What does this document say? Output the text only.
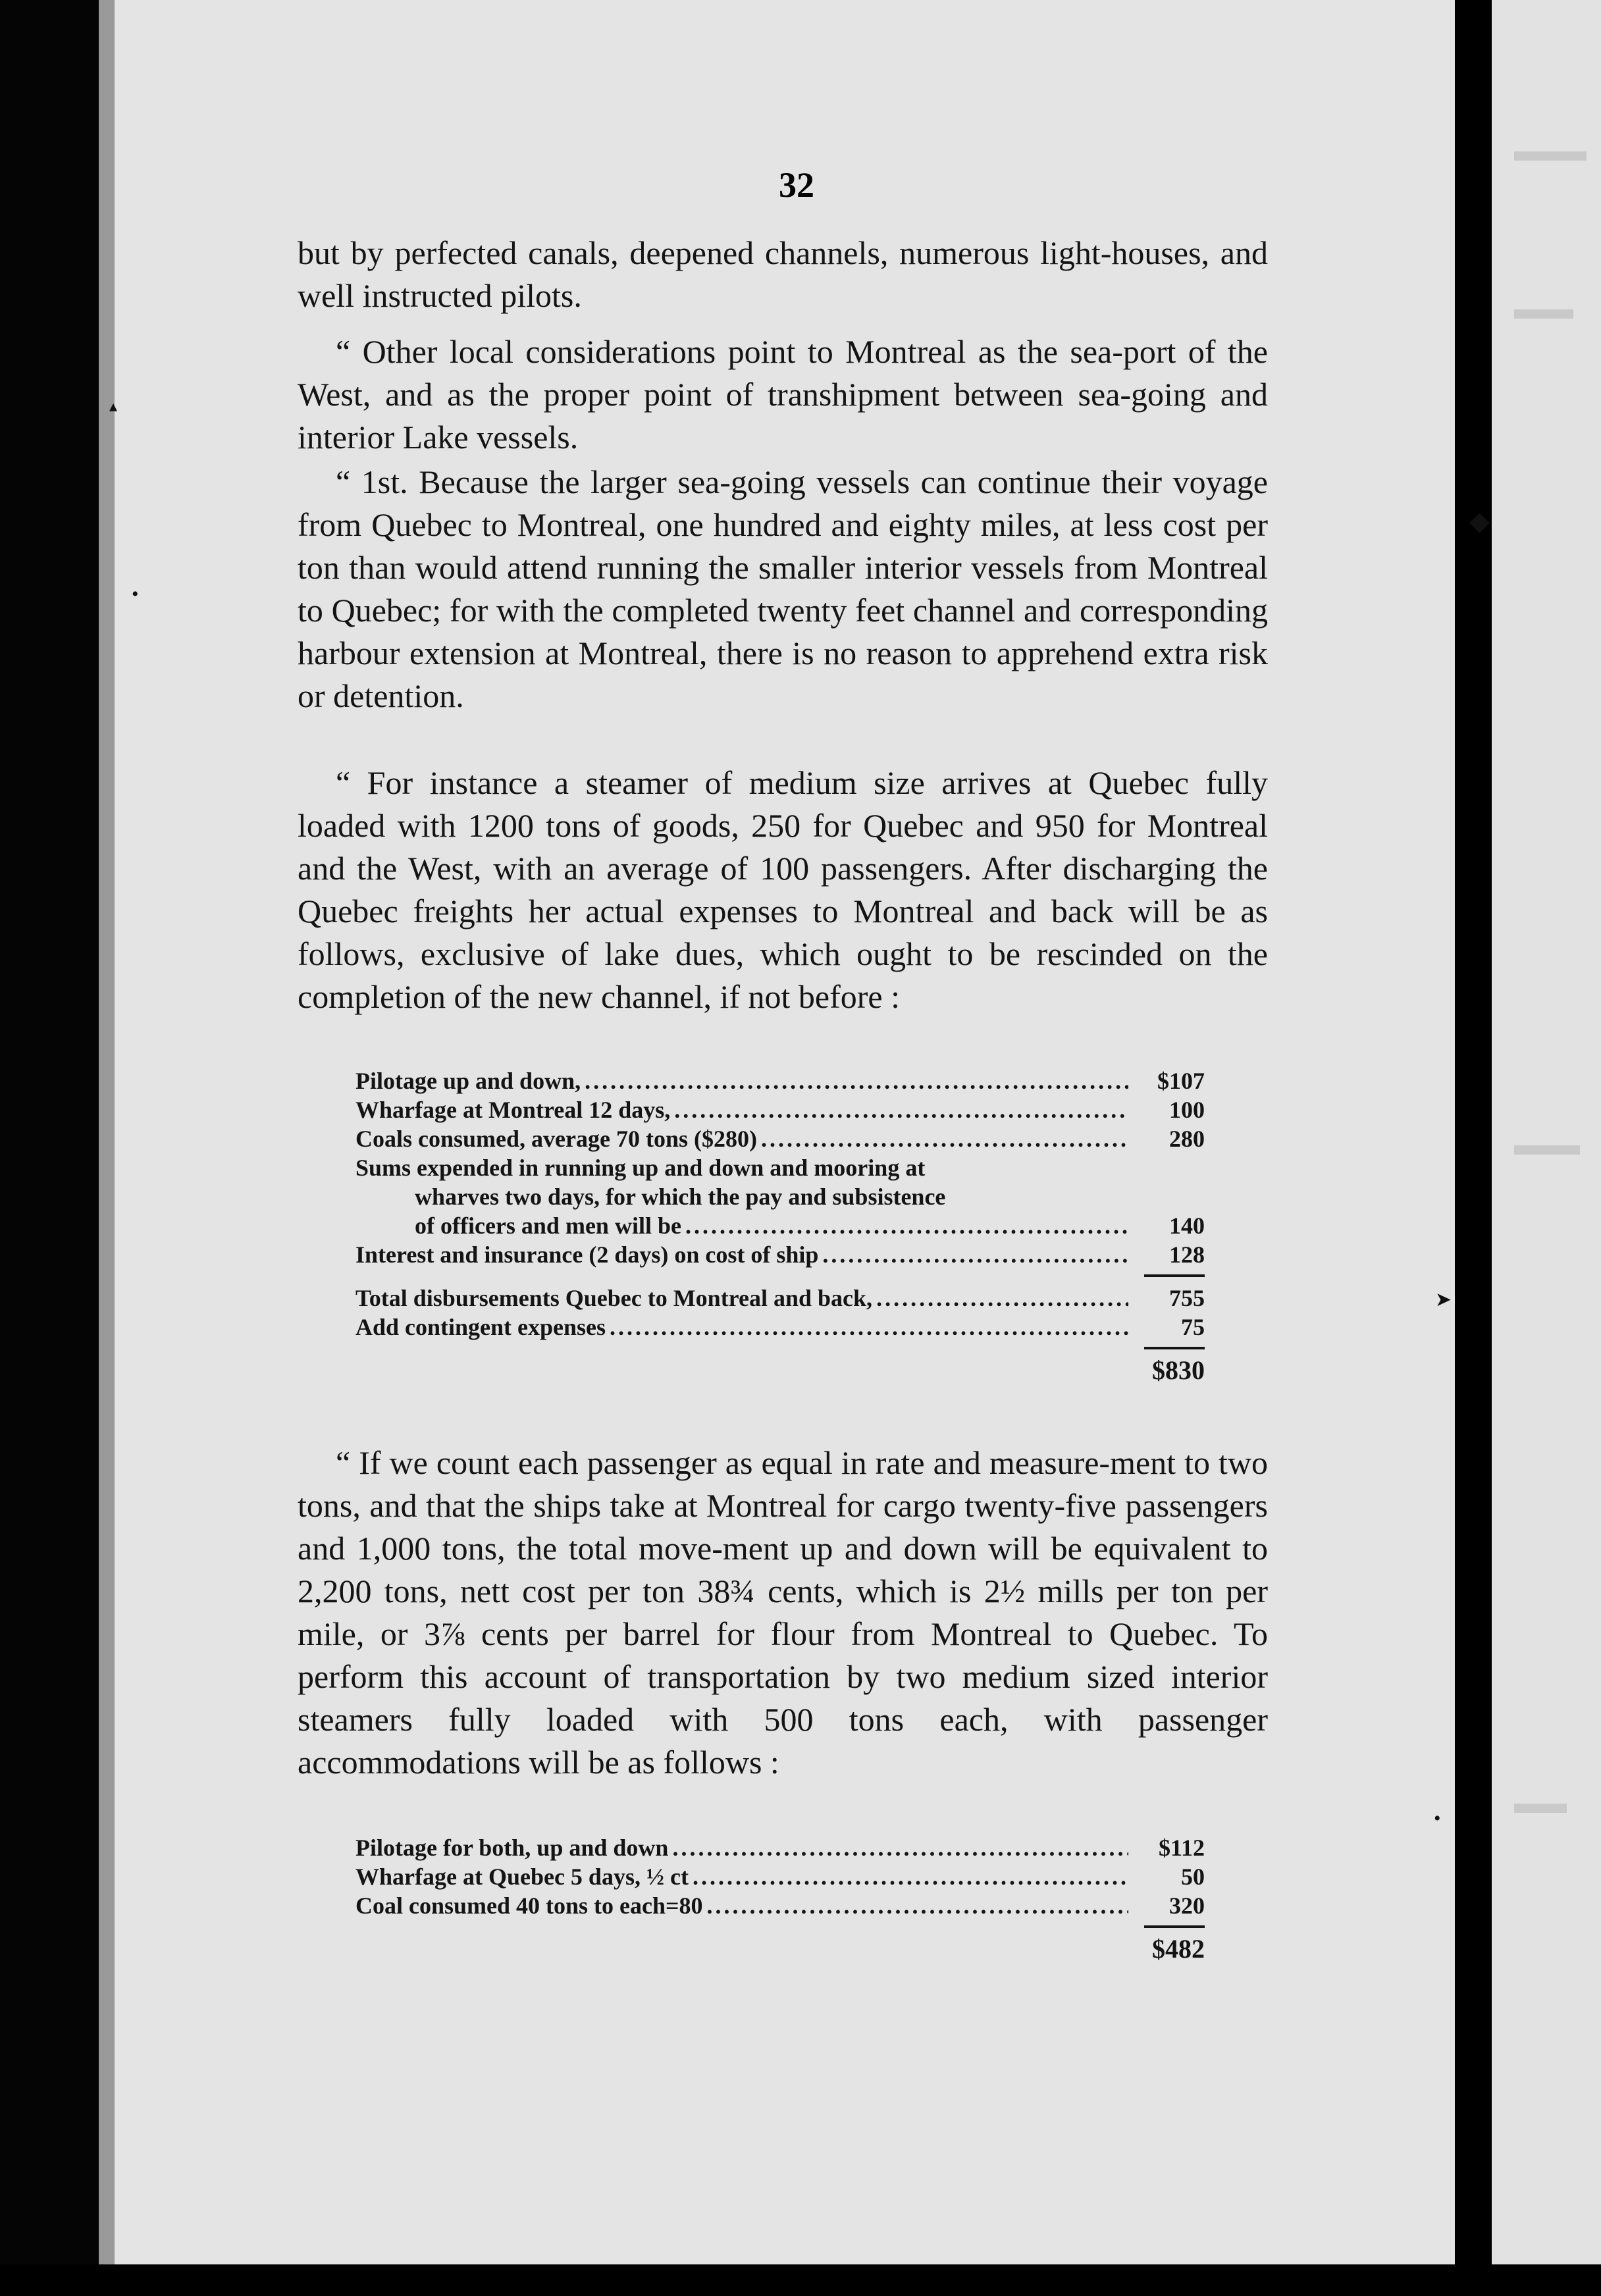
◆
➤
•
•
▴
32

but by perfected canals, deepened channels, numerous light-houses, and well instructed pilots.

“ Other local considerations point to Montreal as the sea-port of the West, and as the proper point of transhipment between sea-going and interior Lake vessels.

“ 1st. Because the larger sea-going vessels can continue their voyage from Quebec to Montreal, one hundred and eighty miles, at less cost per ton than would attend running the smaller interior vessels from Montreal to Quebec; for with the completed twenty feet channel and corresponding harbour extension at Montreal, there is no reason to apprehend extra risk or detention.

“ For instance a steamer of medium size arrives at Quebec fully loaded with 1200 tons of goods, 250 for Quebec and 950 for Montreal and the West, with an average of 100 passengers. After discharging the Quebec freights her actual expenses to Montreal and back will be as follows, exclusive of lake dues, which ought to be rescinded on the completion of the new channel, if not before :

Pilotage up and down, .....	$107
Wharfage at Montreal 12 days, .....	100
Coals consumed, average 70 tons ($280) .....	280
Sums expended in running up and down and mooring at
wharves two days, for which the pay and subsistence
of officers and men will be .....	140
Interest and insurance (2 days) on cost of ship .....	128
Total disbursements Quebec to Montreal and back, .....	755
Add contingent expenses .....	75
$830

“ If we count each passenger as equal in rate and measure-ment to two tons, and that the ships take at Montreal for cargo twenty-five passengers and 1,000 tons, the total move-ment up and down will be equivalent to 2,200 tons, nett cost per ton 38¾ cents, which is 2½ mills per ton per mile, or 3⅞ cents per barrel for flour from Montreal to Quebec. To perform this account of transportation by two medium sized interior steamers fully loaded with 500 tons each, with passenger accommodations will be as follows :

Pilotage for both, up and down .....	$112
Wharfage at Quebec 5 days, ½ ct .....	50
Coal consumed 40 tons to each=80 .....	320
$482
